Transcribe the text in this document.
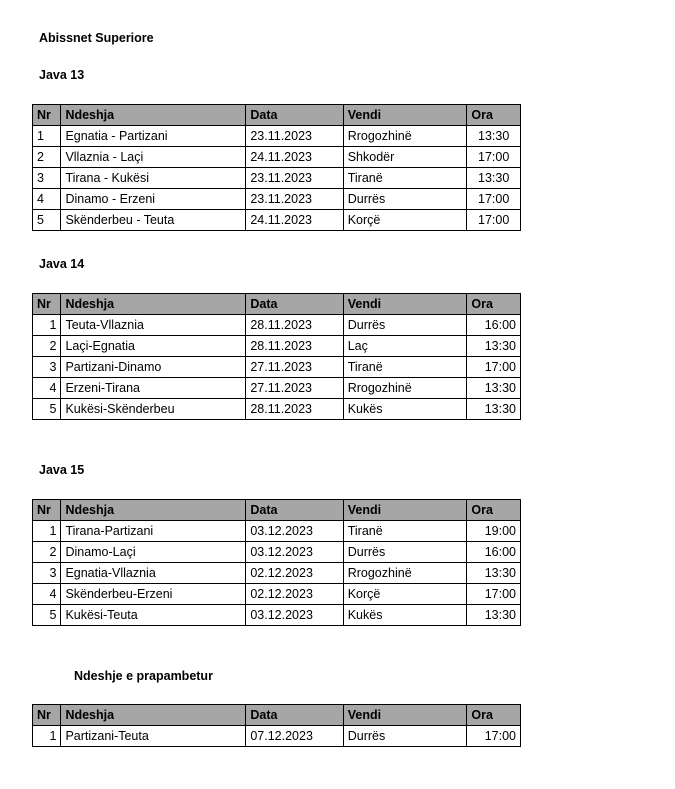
Abissnet Superiore
Java 13
Nr	Ndeshja	Data	Vendi	Ora
1	Egnatia - Partizani	23.11.2023	Rrogozhinë	13:30
2	Vllaznia - Laçi	24.11.2023	Shkodër	17:00
3	Tirana - Kukësi	23.11.2023	Tiranë	13:30
4	Dinamo - Erzeni	23.11.2023	Durrës	17:00
5	Skënderbeu - Teuta	24.11.2023	Korçë	17:00
Java 14
Nr	Ndeshja	Data	Vendi	Ora
1	Teuta-Vllaznia	28.11.2023	Durrës	16:00
2	Laçi-Egnatia	28.11.2023	Laç	13:30
3	Partizani-Dinamo	27.11.2023	Tiranë	17:00
4	Erzeni-Tirana	27.11.2023	Rrogozhinë	13:30
5	Kukësi-Skënderbeu	28.11.2023	Kukës	13:30
Java 15
Nr	Ndeshja	Data	Vendi	Ora
1	Tirana-Partizani	03.12.2023	Tiranë	19:00
2	Dinamo-Laçi	03.12.2023	Durrës	16:00
3	Egnatia-Vllaznia	02.12.2023	Rrogozhinë	13:30
4	Skënderbeu-Erzeni	02.12.2023	Korçë	17:00
5	Kukësi-Teuta	03.12.2023	Kukës	13:30
Ndeshje e prapambetur
Nr	Ndeshja	Data	Vendi	Ora
1	Partizani-Teuta	07.12.2023	Durrës	17:00
